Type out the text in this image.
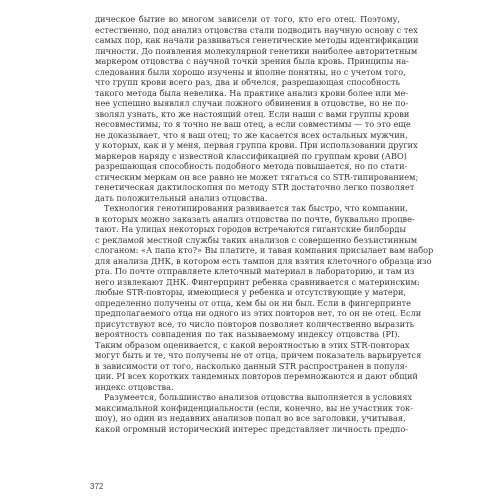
дическое бытие во многом зависели от того, кто его отец. Поэтому,
естественно, под анализ отцовства стали подводить научную основу с тех
самых пор, как начали развиваться генетические методы идентификации
личности. До появления молекулярной генетики наиболее авторитетным
маркером отцовства с научной точки зрения была кровь. Принципы на-
следования были хорошо изучены и вполне понятны, но с учетом того,
что групп крови всего раз, два и обчелся, разрешающая способность
такого метода была невелика. На практике анализ крови более или ме-
нее успешно выявлял случаи ложного обвинения в отцовстве, но не по-
зволял узнать, кто же настоящий отец. Если наши с вами группы крови
несовместимы, то я точно не ваш отец, а если совместимы — то это еще
не доказывает, что я ваш отец; то же касается всех остальных мужчин,
у которых, как и у меня, первая группа крови. При использовании других
маркеров наряду с известной классификацией по группам крови (АВО)
разрешающая способность подобного метода повышается, но по стати-
стическим меркам он все равно не может тягаться со STR-типированием;
генетическая дактилоскопия по методу STR достаточно легко позволяет
дать положительный анализ отцовства.
Технология генотипирования развивается так быстро, что компании,
в которых можно заказать анализ отцовства по почте, буквально процве-
тают. На улицах некоторых городов встречаются гигантские билборды
с рекламой местной службы таких анализов с совершенно безъистинным
слоганом: «А папа кто?» Вы платите, и тавая компания присылает вам набор
для анализа ДНК, в котором есть тампон для взятия клеточного образца изо
рта. По почте отправляете клеточный материал в лабораторию, и там из
него извлекают ДНК. Фингерпринт ребенка сравнивается с материнским:
любые STR-повторы, имеющиеся у ребенка и отсутствующие у матери,
определенно получены от отца, кем бы он ни был. Если в фингерпринте
предполагаемого отца ни одного из этих повторов нет, то он не отец. Если
присутствуют все, то число повторов позволяет количественно выразить
вероятность совпадения по так называемому индексу отцовства (PI).
Таким образом оценивается, с какой вероятностью в этих STR-повторах
могут быть и те, что получены не от отца, причем показатель варьируется
в зависимости от того, насколько данный STR распространен в популя-
ции. PI всех коротких тандемных повторов перемножаются и дают общий
индекс отцовства.
Разумеется, большинство анализов отцовства выполняется в условиях
максимальной конфиденциальности (если, конечно, вы не участник ток-
шоу), но один из недавних анализов попал во все заголовки, учитывая,
какой огромный исторический интерес представляет личность предпо-
372
